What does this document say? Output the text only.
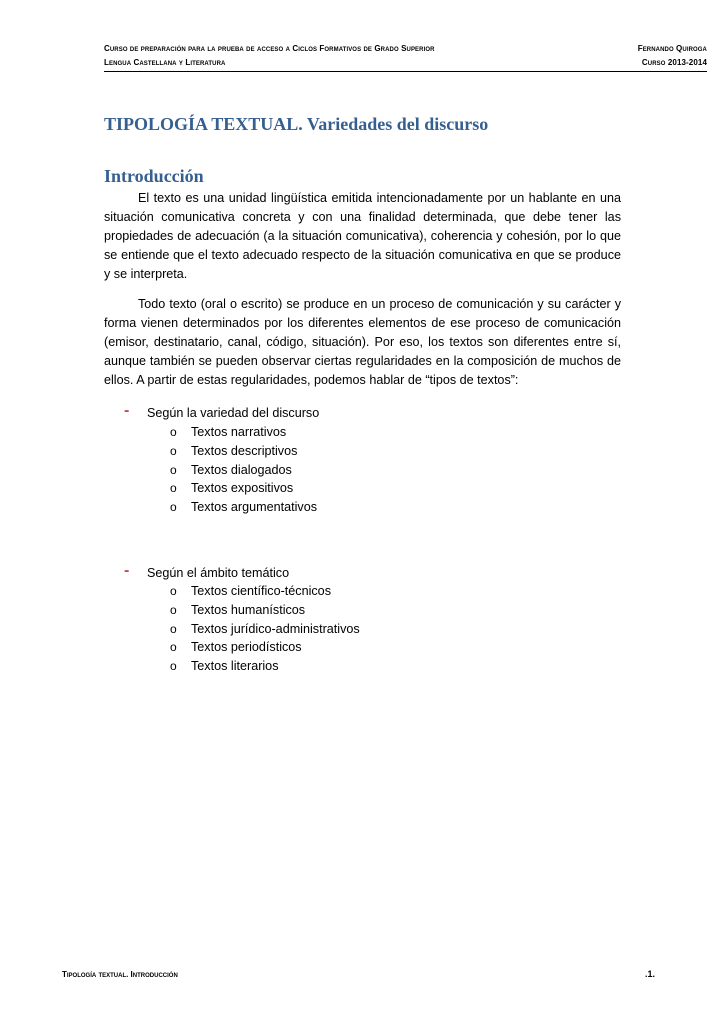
Curso de preparación para la prueba de acceso a Ciclos Formativos de Grado Superior
Lengua Castellana y Literatura
Fernando Quiroga
Curso 2013-2014
TIPOLOGÍA TEXTUAL. Variedades del discurso
Introducción

El texto es una unidad lingüística emitida intencionadamente por un hablante en una situación comunicativa concreta y con una finalidad determinada, que debe tener las propiedades de adecuación (a la situación comunicativa), coherencia y cohesión, por lo que se entiende que el texto adecuado respecto de la situación comunicativa en que se produce y se interpreta.

Todo texto (oral o escrito) se produce en un proceso de comunicación y su carácter y forma vienen determinados por los diferentes elementos de ese proceso de comunicación (emisor, destinatario, canal, código, situación). Por eso, los textos son diferentes entre sí, aunque también se pueden observar ciertas regularidades en la composición de muchos de ellos. A partir de estas regularidades, podemos hablar de “tipos de textos”:

- Según la variedad del discurso
o Textos narrativos
o Textos descriptivos
o Textos dialogados
o Textos expositivos
o Textos argumentativos
- Según el ámbito temático
o Textos científico-técnicos
o Textos humanísticos
o Textos jurídico-administrativos
o Textos periodísticos
o Textos literarios
Tipología textual. Introducción	.1.
